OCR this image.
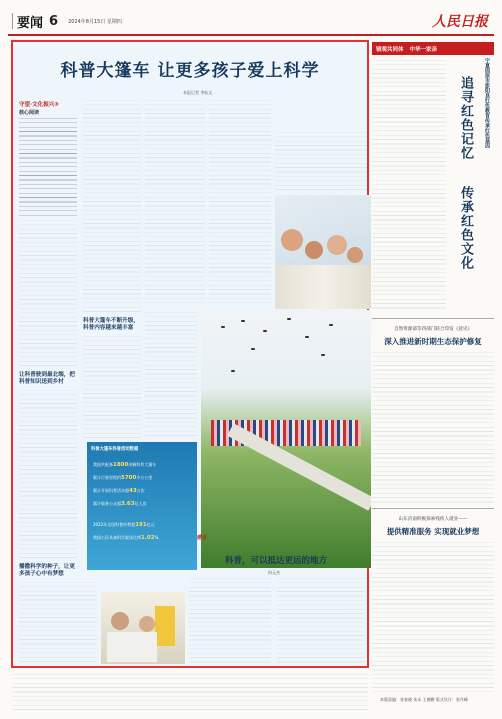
要闻 6 2024年8月15日 星期四	人民日报
科普大篷车 让更多孩子爱上科学
本报记者 李仙文
守望·文化振兴③
核心阅读
让科普驶到最北端，把科普知识送到乡村
播撒科学的种子，让更多孩子心中有梦想
科普大篷车不断升级，科普内容越来越丰富
科普大篷车科普活动数据
我国共配备1800余辆科普大篷车
累计行驶里程约5700多万公里
累计开展科普活动超43万次
累计服务公众超3.63亿人次
2022年全国科普经费超191亿元
我国公民具备科学素质比例1.02%	感言
科普，可以抵达更远的地方
何元杰
镜观共同体 中华一家亲
追寻红色记忆
传承红色文化
宁夏固原市彭阳县红色教育传承红色基因
自然资源部等四部门联合印发《意见》
深入推进新时期生态保护修复
山东济南积极探索残疾人就业——
提供精准服务 实现就业梦想
本版责编：张春晓 朱禾 王德鹏 版式设计：张丹峰
